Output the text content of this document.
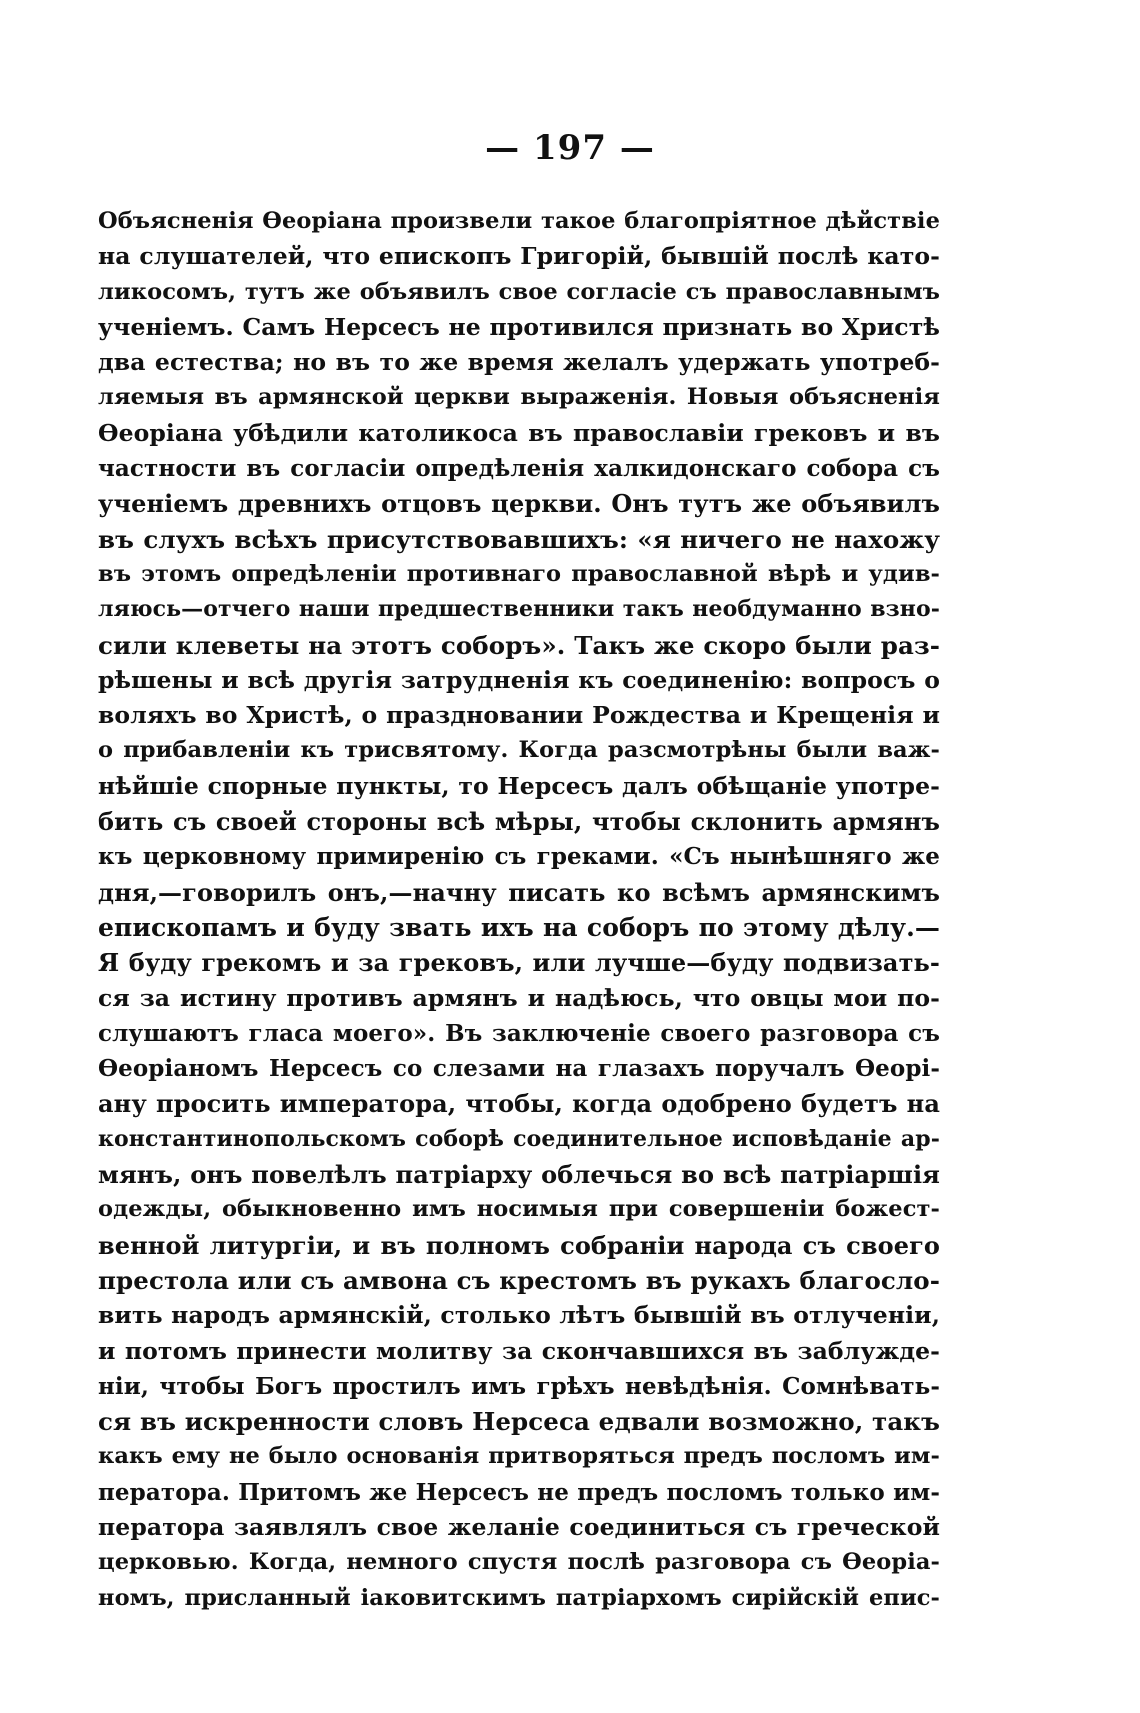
— 197 —
Объясненія Өеоріана произвели такое благопріятное дѣйствіе
на слушателей, что епископъ Григорій, бывшій послѣ като-
ликосомъ, тутъ же объявилъ свое согласіе съ православнымъ
ученіемъ. Самъ Нерсесъ не противился признать во Христѣ
два естества; но въ то же время желалъ удержать употреб-
ляемыя въ армянской церкви выраженія. Новыя объясненія
Өеоріана убѣдили католикоса въ православіи грековъ и въ
частности въ согласіи опредѣленія халкидонскаго собора съ
ученіемъ древнихъ отцовъ церкви. Онъ тутъ же объявилъ
въ слухъ всѣхъ присутствовавшихъ: «я ничего не нахожу
въ этомъ опредѣленіи противнаго православной вѣрѣ и удив-
ляюсь—отчего наши предшественники такъ необдуманно взно-
сили клеветы на этотъ соборъ». Такъ же скоро были раз-
рѣшены и всѣ другія затрудненія къ соединенію: вопросъ о
воляхъ во Христѣ, о праздновании Рождества и Крещенія и
о прибавленіи къ трисвятому. Когда разсмотрѣны были важ-
нѣйшіе спорные пункты, то Нерсесъ далъ обѣщаніе употре-
бить съ своей стороны всѣ мѣры, чтобы склонить армянъ
къ церковному примиренію съ греками. «Съ нынѣшняго же
дня,—говорилъ онъ,—начну писать ко всѣмъ армянскимъ
епископамъ и буду звать ихъ на соборъ по этому дѣлу.—
Я буду грекомъ и за грековъ, или лучше—буду подвизать-
ся за истину противъ армянъ и надѣюсь, что овцы мои по-
слушаютъ гласа моего». Въ заключеніе своего разговора съ
Өеоріаномъ Нерсесъ со слезами на глазахъ поручалъ Өеорі-
ану просить императора, чтобы, когда одобрено будетъ на
константинопольскомъ соборѣ соединительное исповѣданіе ар-
мянъ, онъ повелѣлъ патріарху облечься во всѣ патріаршія
одежды, обыкновенно имъ носимыя при совершеніи божест-
венной литургіи, и въ полномъ собраніи народа съ своего
престола или съ амвона съ крестомъ въ рукахъ благосло-
вить народъ армянскій, столько лѣтъ бывшій въ отлученіи,
и потомъ принести молитву за скончавшихся въ заблужде-
ніи, чтобы Богъ простилъ имъ грѣхъ невѣдѣнія. Сомнѣвать-
ся въ искренности словъ Нерсеса едвали возможно, такъ
какъ ему не было основанія притворяться предъ посломъ им-
ператора. Притомъ же Нерсесъ не предъ посломъ только им-
ператора заявлялъ свое желаніе соединиться съ греческой
церковью. Когда, немного спустя послѣ разговора съ Өеоріа-
номъ, присланный іаковитскимъ патріархомъ сирійскій епис-
